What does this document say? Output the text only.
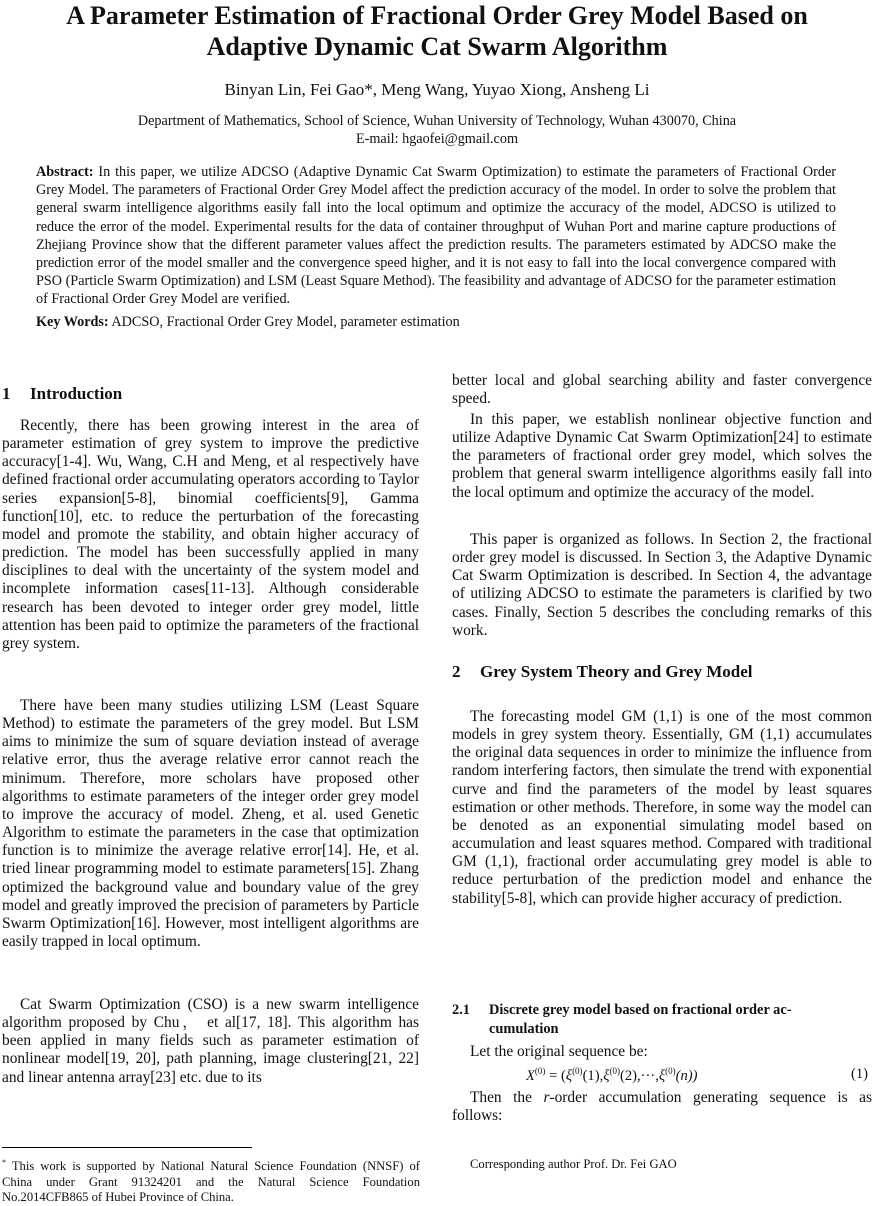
A Parameter Estimation of Fractional Order Grey Model Based on
Adaptive Dynamic Cat Swarm Algorithm
Binyan Lin, Fei Gao*, Meng Wang, Yuyao Xiong, Ansheng Li
Department of Mathematics, School of Science, Wuhan University of Technology, Wuhan 430070, China
E-mail: hgaofei@gmail.com
Abstract: In this paper, we utilize ADCSO (Adaptive Dynamic Cat Swarm Optimization) to estimate the parameters of Fractional Order Grey Model. The parameters of Fractional Order Grey Model affect the prediction accuracy of the model. In order to solve the problem that general swarm intelligence algorithms easily fall into the local optimum and optimize the accuracy of the model, ADCSO is utilized to reduce the error of the model. Experimental results for the data of container throughput of Wuhan Port and marine capture productions of Zhejiang Province show that the different parameter values affect the prediction results. The parameters estimated by ADCSO make the prediction error of the model smaller and the convergence speed higher, and it is not easy to fall into the local convergence compared with PSO (Particle Swarm Optimization) and LSM (Least Square Method). The feasibility and advantage of ADCSO for the parameter estimation of Fractional Order Grey Model are verified.
Key Words: ADCSO, Fractional Order Grey Model, parameter estimation
1 Introduction

Recently, there has been growing interest in the area of parameter estimation of grey system to improve the predictive accuracy[1-4]. Wu, Wang, C.H and Meng, et al respectively have defined fractional order accumulating operators according to Taylor series expansion[5-8], binomial coefficients[9], Gamma function[10], etc. to reduce the perturbation of the forecasting model and promote the stability, and obtain higher accuracy of prediction. The model has been successfully applied in many disciplines to deal with the uncertainty of the system model and incomplete information cases[11-13]. Although considerable research has been devoted to integer order grey model, little attention has been paid to optimize the parameters of the fractional grey system.

There have been many studies utilizing LSM (Least Square Method) to estimate the parameters of the grey model. But LSM aims to minimize the sum of square deviation instead of average relative error, thus the average relative error cannot reach the minimum. Therefore, more scholars have proposed other algorithms to estimate parameters of the integer order grey model to improve the accuracy of model. Zheng, et al. used Genetic Algorithm to estimate the parameters in the case that optimization function is to minimize the average relative error[14]. He, et al. tried linear programming model to estimate parameters[15]. Zhang optimized the background value and boundary value of the grey model and greatly improved the precision of parameters by Particle Swarm Optimization[16]. However, most intelligent algorithms are easily trapped in local optimum.

Cat Swarm Optimization (CSO) is a new swarm intelligence algorithm proposed by Chu， et al[17, 18]. This algorithm has been applied in many fields such as parameter estimation of nonlinear model[19, 20], path planning, image clustering[21, 22] and linear antenna array[23] etc. due to its

better local and global searching ability and faster convergence speed.

In this paper, we establish nonlinear objective function and utilize Adaptive Dynamic Cat Swarm Optimization[24] to estimate the parameters of fractional order grey model, which solves the problem that general swarm intelligence algorithms easily fall into the local optimum and optimize the accuracy of the model.

This paper is organized as follows. In Section 2, the fractional order grey model is discussed. In Section 3, the Adaptive Dynamic Cat Swarm Optimization is described. In Section 4, the advantage of utilizing ADCSO to estimate the parameters is clarified by two cases. Finally, Section 5 describes the concluding remarks of this work.

2 Grey System Theory and Grey Model

The forecasting model GM (1,1) is one of the most common models in grey system theory. Essentially, GM (1,1) accumulates the original data sequences in order to minimize the influence from random interfering factors, then simulate the trend with exponential curve and find the parameters of the model by least squares estimation or other methods. Therefore, in some way the model can be denoted as an exponential simulating model based on accumulation and least squares method. Compared with traditional GM (1,1), fractional order accumulating grey model is able to reduce perturbation of the prediction model and enhance the stability[5-8], which can provide higher accuracy of prediction.

2.1 Discrete grey model based on fractional order ac-
cumulation

Let the original sequence be:

$X^{(0)} = (\xi^{(0)}(1),\xi^{(0)}(2),\cdot\cdot\cdot,\xi^{(0)}(n))$	(1)

Then the r-order accumulation generating sequence is as follows:

* This work is supported by National Natural Science Foundation (NNSF) of China under Grant 91324201 and the Natural Science Foundation No.2014CFB865 of Hubei Province of China.
Corresponding author Prof. Dr. Fei GAO
